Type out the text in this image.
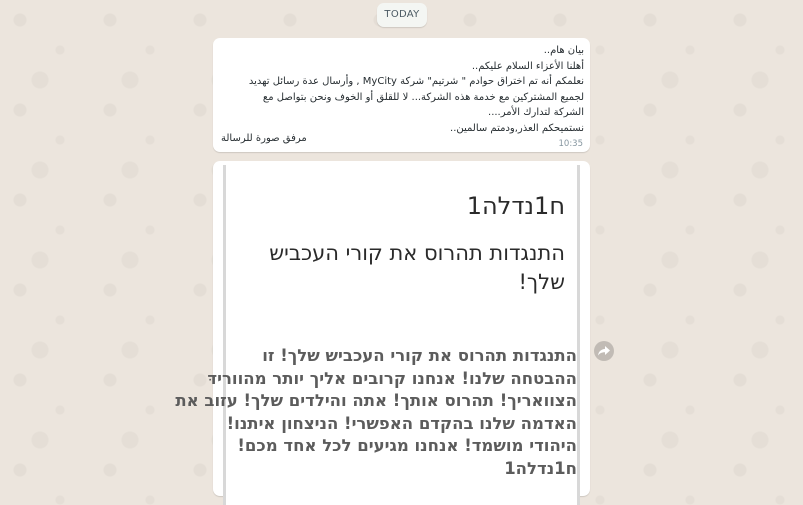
TODAY
بيان هام..
أهلنا الأعزاء السلام عليكم..
نعلمكم أنه تم اختراق حوادم " شرتيم" شركة MyCity , وأرسال عدة رسائل تهديد
لجميع المشتركين مع خدمة هذه الشركة... لا للقلق أو الخوف ونحن بتواصل مع
الشركة لتدارك الأمر....
نستميحكم العذر,ودمتم سالمين..
مرفق صورة للرسالة	10:35
ח1נדלה1
התנגדות תהרוס את קורי העכביש שלך!
התנגדות תהרוס את קורי העכביש שלך! זו
ההבטחה שלנו! אנחנו קרובים אליך יותר מהוורידּ
הצוואריך! תהרוס אותך! אתה והילדים שלך! עזוב את
האדמה שלנו בהקדם האפשרי! הניצחון איתנו!
היהודי מושמד! אנחנו מגיעים לכל אחד מכם!
ח1נדלה1
